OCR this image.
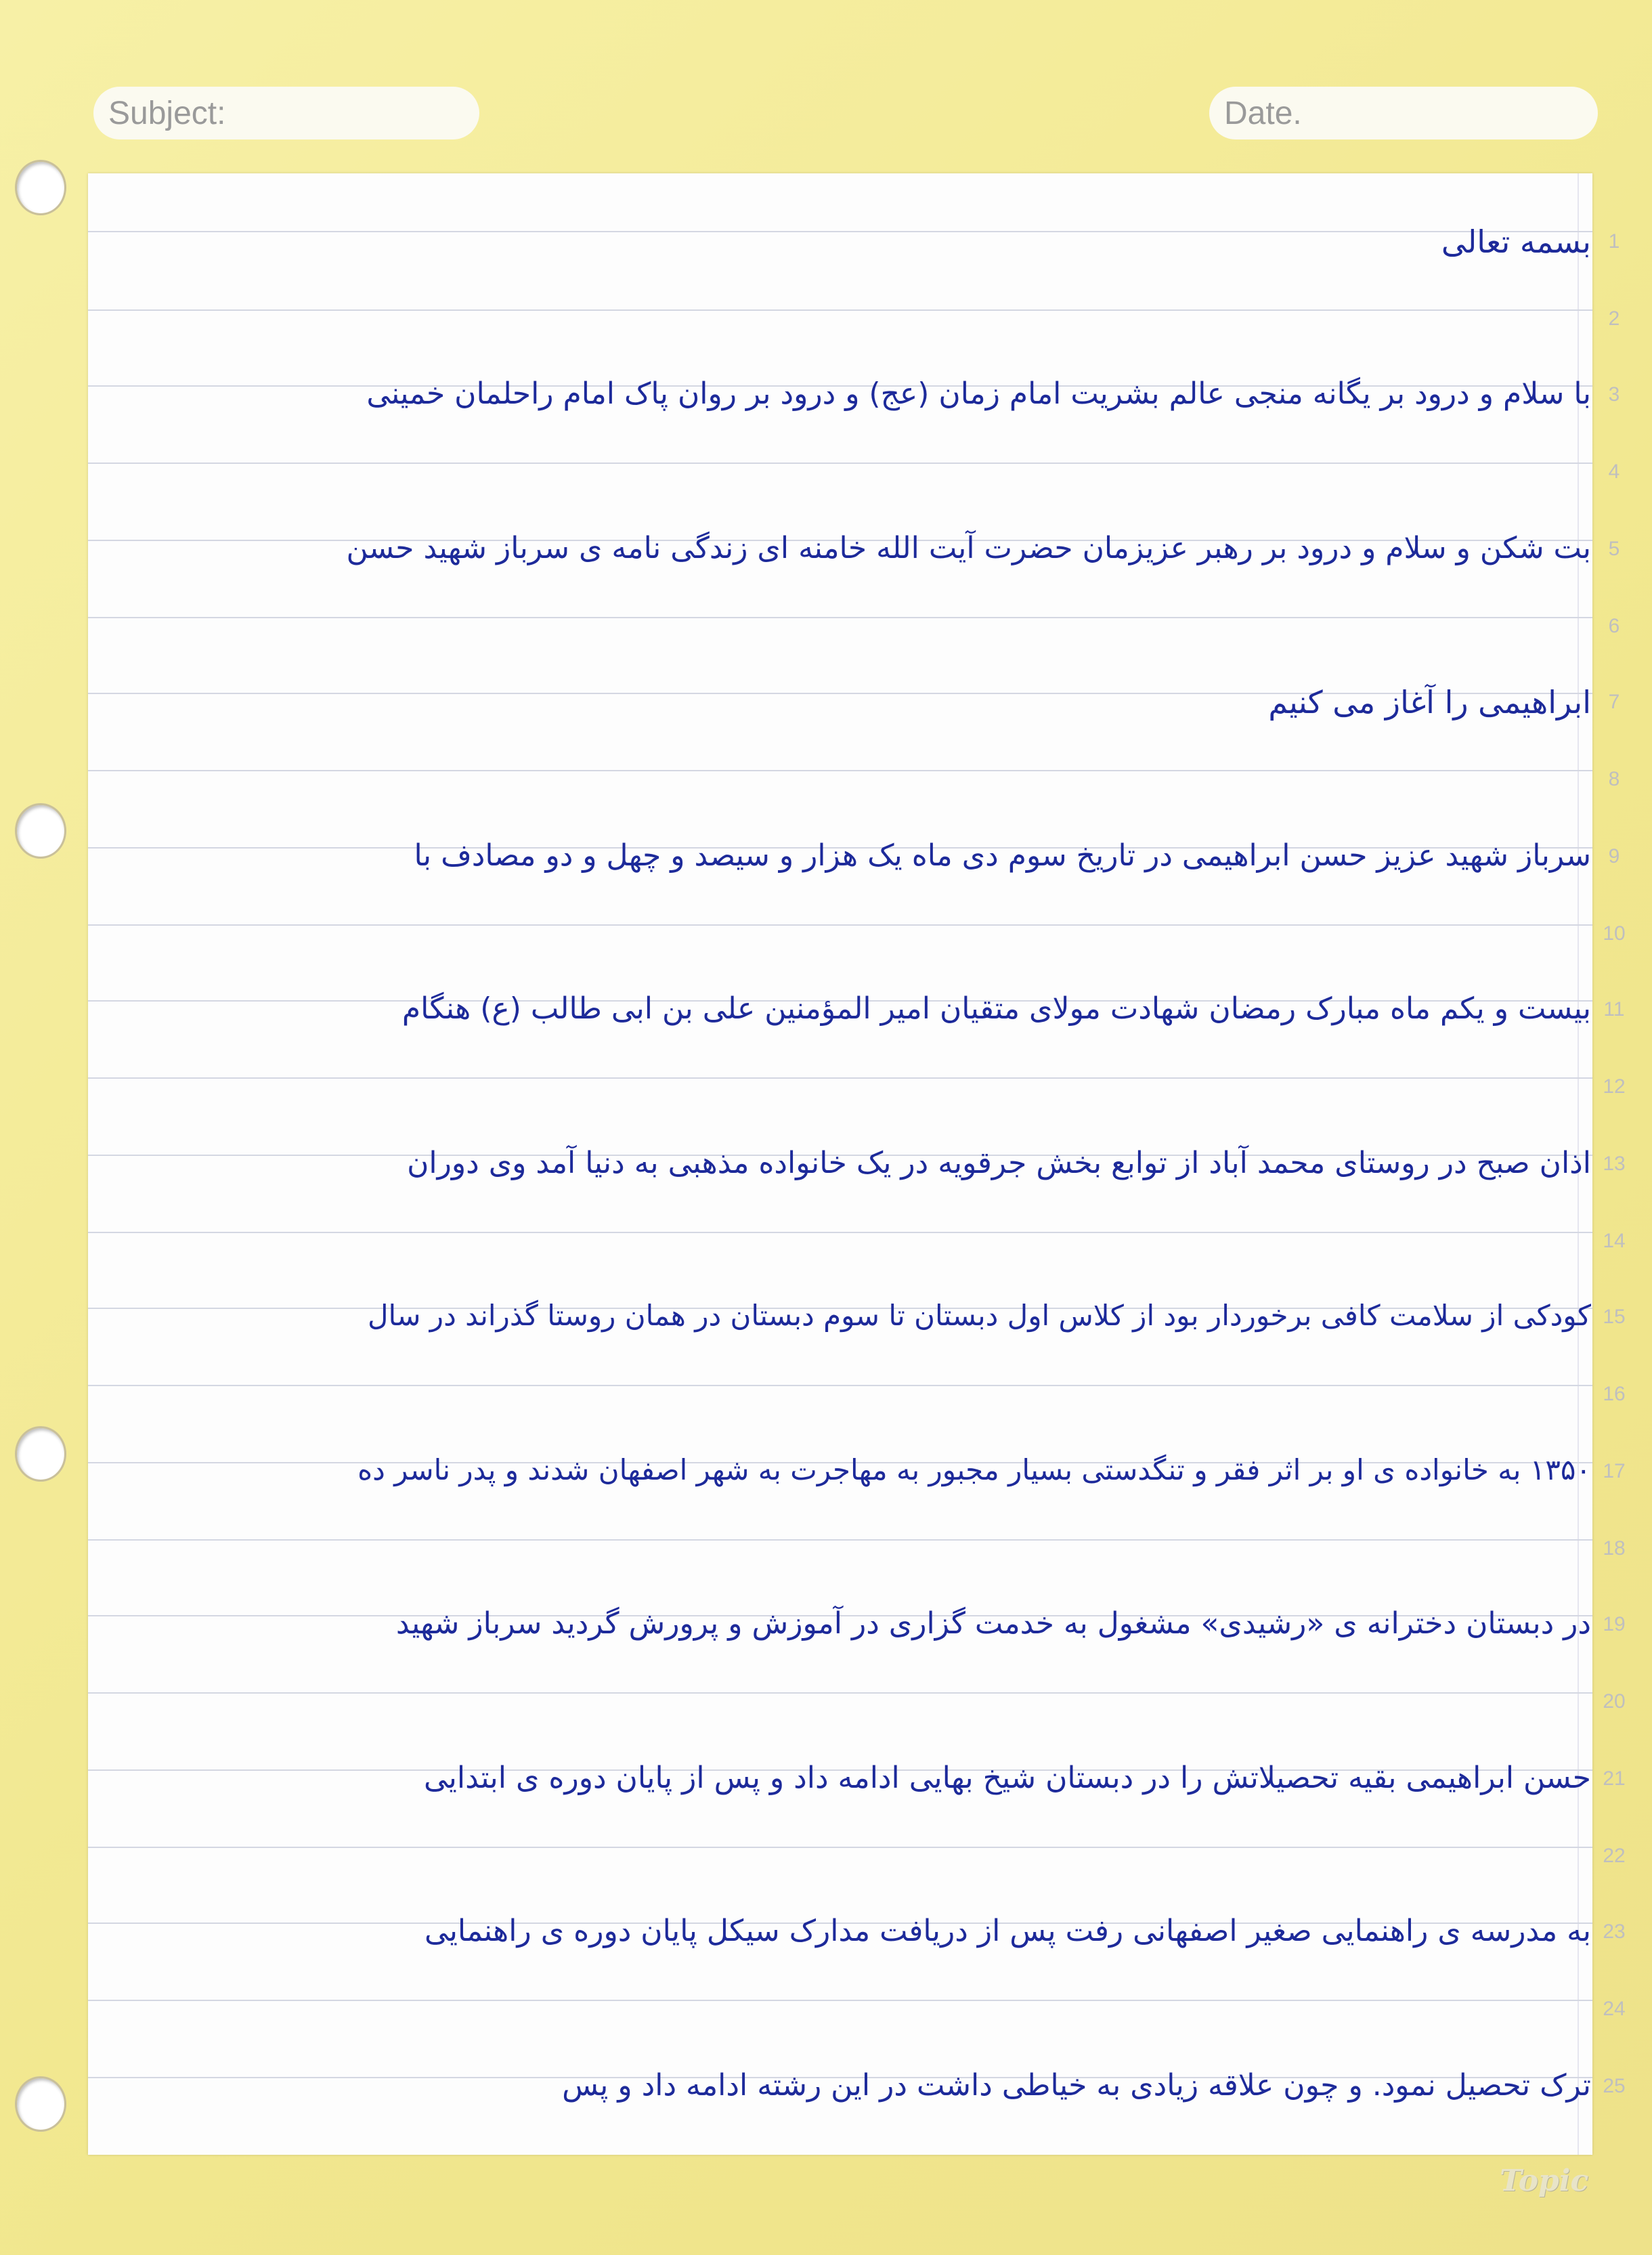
Subject:	Date.
1
2
3
4
5
6
7
8
9
10
11
12
13
14
15
16
17
18
19
20
21
22
23
24
25
بسمه تعالی
با سلام و درود بر یگانه منجی عالم بشریت امام زمان (عج) و درود بر روان پاک امام راحلمان خمینی
بت شکن و سلام و درود بر رهبر عزیزمان حضرت آیت الله خامنه ای زندگی نامه ی سرباز شهید حسن
ابراهیمی را آغاز می کنیم
سرباز شهید عزیز حسن ابراهیمی در تاریخ سوم دی ماه یک هزار و سیصد و چهل و دو مصادف با
بیست و یکم ماه مبارک رمضان شهادت مولای متقیان امیر المؤمنین علی بن ابی طالب (ع) هنگام
اذان صبح در روستای محمد آباد از توابع بخش جرقویه در یک خانواده مذهبی به دنیا آمد وی دوران
کودکی از سلامت کافی برخوردار بود از کلاس اول دبستان تا سوم دبستان در همان روستا گذراند در سال
۱۳۵۰ به خانواده ی او بر اثر فقر و تنگدستی بسیار مجبور به مهاجرت به شهر اصفهان شدند و پدر ناسر ده
در دبستان دخترانه ی «رشیدی» مشغول به خدمت گزاری در آموزش و پرورش گردید سرباز شهید
حسن ابراهیمی بقیه تحصیلاتش را در دبستان شیخ بهایی ادامه داد و پس از پایان دوره ی ابتدایی
به مدرسه ی راهنمایی صغیر اصفهانی رفت پس از دریافت مدارک سیکل پایان دوره ی راهنمایی
ترک تحصیل نمود. و چون علاقه زیادی به خیاطی داشت در این رشته ادامه داد و پس
Topic
